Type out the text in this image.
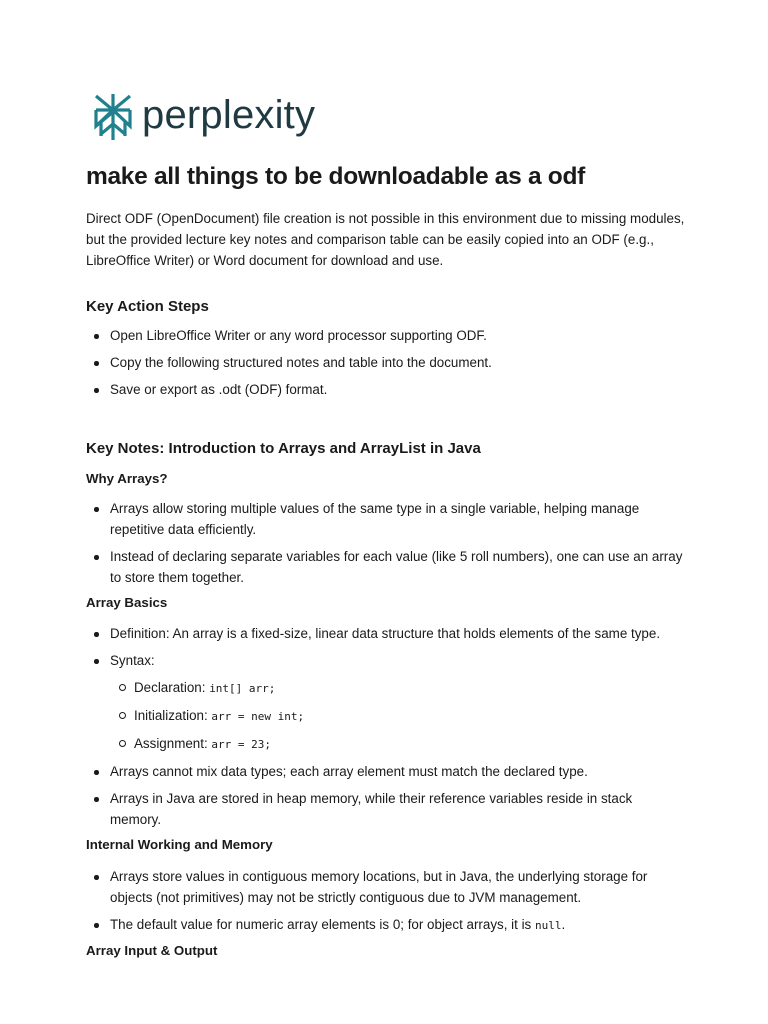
perplexity
make all things to be downloadable as a odf

Direct ODF (OpenDocument) file creation is not possible in this environment due to missing modules, but the provided lecture key notes and comparison table can be easily copied into an ODF (e.g., LibreOffice Writer) or Word document for download and use.

Key Action Steps
Open LibreOffice Writer or any word processor supporting ODF.
Copy the following structured notes and table into the document.
Save or export as .odt (ODF) format.
Key Notes: Introduction to Arrays and ArrayList in Java
Why Arrays?
Arrays allow storing multiple values of the same type in a single variable, helping manage repetitive data efficiently.
Instead of declaring separate variables for each value (like 5 roll numbers), one can use an array to store them together.
Array Basics
Definition: An array is a fixed-size, linear data structure that holds elements of the same type.
Syntax:
Declaration: int[] arr;
Initialization: arr = new int;
Assignment: arr = 23;
Arrays cannot mix data types; each array element must match the declared type.
Arrays in Java are stored in heap memory, while their reference variables reside in stack memory.
Internal Working and Memory
Arrays store values in contiguous memory locations, but in Java, the underlying storage for objects (not primitives) may not be strictly contiguous due to JVM management.
The default value for numeric array elements is 0; for object arrays, it is null.
Array Input & Output
